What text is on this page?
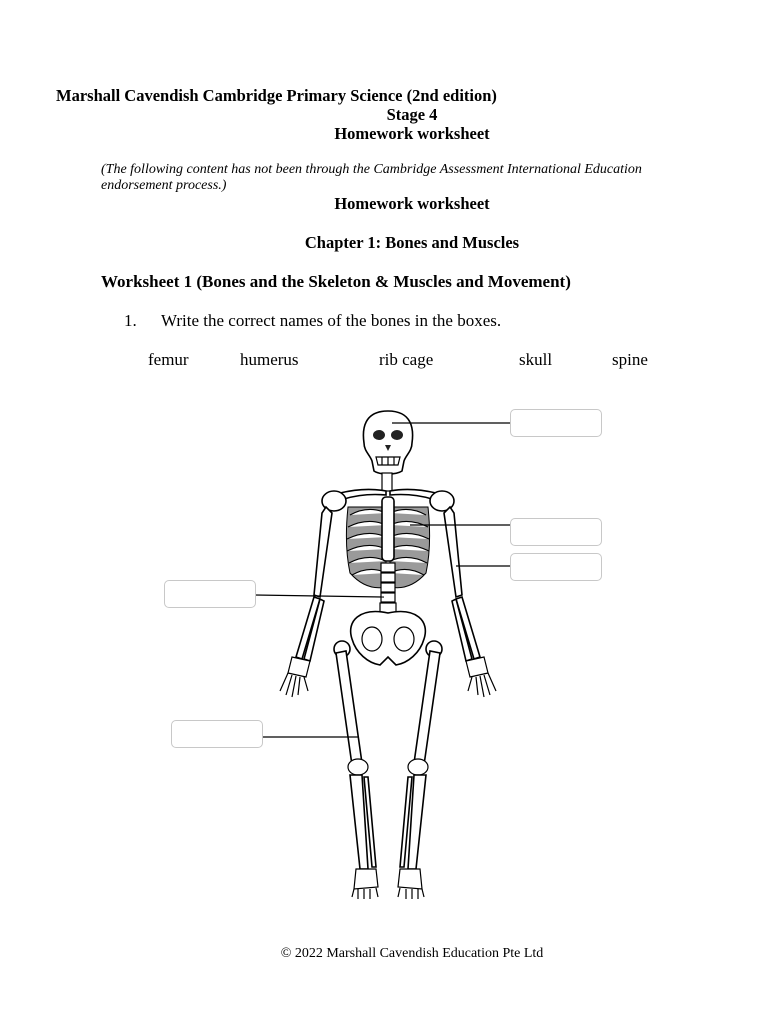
Marshall Cavendish Cambridge Primary Science (2nd edition)
Stage 4
Homework worksheet
(The following content has not been through the Cambridge Assessment International Education
endorsement process.)
Homework worksheet
Chapter 1: Bones and Muscles
Worksheet 1 (Bones and the Skeleton & Muscles and Movement)
1. Write the correct names of the bones in the boxes.
femur	humerus	rib cage	skull	spine
© 2022 Marshall Cavendish Education Pte Ltd
